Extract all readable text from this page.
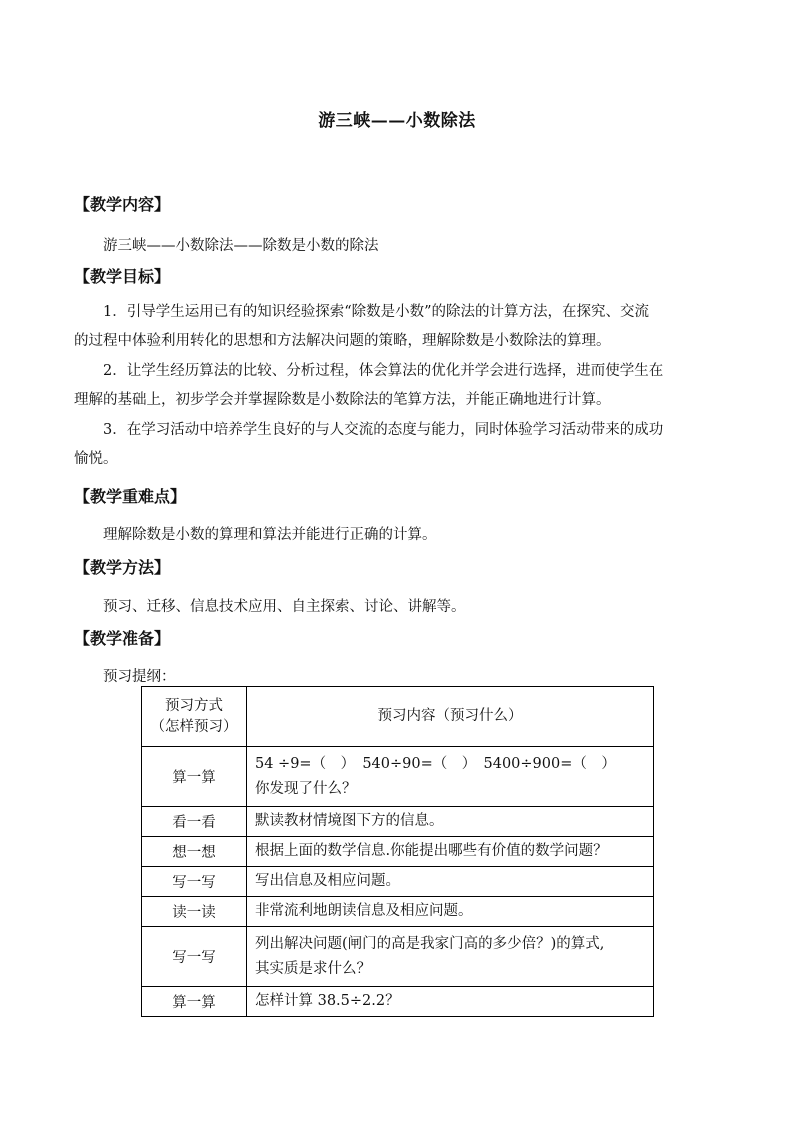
游三峡——小数除法
【教学内容】
游三峡——小数除法——除数是小数的除法
【教学目标】
1．引导学生运用已有的知识经验探索“除数是小数”的除法的计算方法，在探究、交流
的过程中体验利用转化的思想和方法解决问题的策略，理解除数是小数除法的算理。
2．让学生经历算法的比较、分析过程，体会算法的优化并学会进行选择，进而使学生在
理解的基础上，初步学会并掌握除数是小数除法的笔算方法，并能正确地进行计算。
3．在学习活动中培养学生良好的与人交流的态度与能力，同时体验学习活动带来的成功
愉悦。
【教学重难点】
理解除数是小数的算理和算法并能进行正确的计算。
【教学方法】
预习、迁移、信息技术应用、自主探索、讨论、讲解等。
【教学准备】
预习提纲：
预习方式
（怎样预习）	预习内容（预习什么）
算一算	54 ÷9=（　）　540÷90=（　）　5400÷900=（　）
你发现了什么？

看一看	默读教材情境图下方的信息。
想一想	根据上面的数学信息.你能提出哪些有价值的数学问题？
写一写	写出信息及相应问题。
读一读	非常流利地朗读信息及相应问题。
写一写	列出解决问题(闸门的高是我家门高的多少倍？)的算式,
其实质是求什么？

算一算	怎样计算 38.5÷2.2？
